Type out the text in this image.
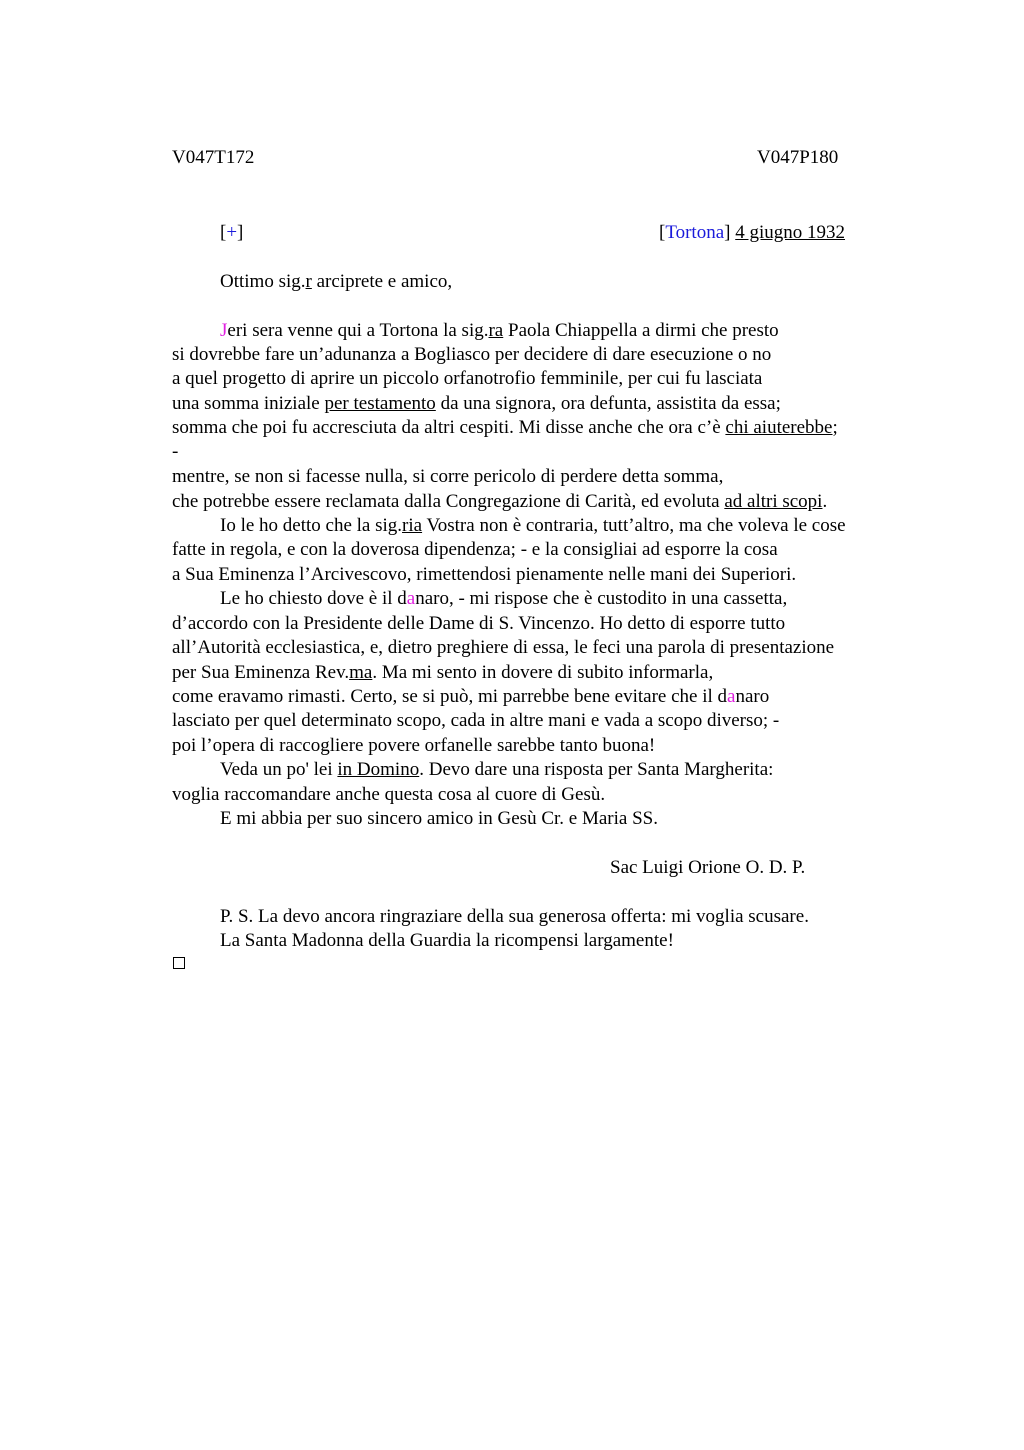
V047T172	V047P180
[+]	[Tortona] 4 giugno 1932
Ottimo sig.r arciprete e amico,
Jeri sera venne qui a Tortona la sig.ra Paola Chiappella a dirmi che presto
si dovrebbe fare un’adunanza a Bogliasco per decidere di dare esecuzione o no
a quel progetto di aprire un piccolo orfanotrofio femminile, per cui fu lasciata
una somma iniziale per testamento da una signora, ora defunta, assistita da essa;
somma che poi fu accresciuta da altri cespiti. Mi disse anche che ora c’è chi aiuterebbe;
-
mentre, se non si facesse nulla, si corre pericolo di perdere detta somma,
che potrebbe essere reclamata dalla Congregazione di Carità, ed evoluta ad altri scopi.
Io le ho detto che la sig.ria Vostra non è contraria, tutt’altro, ma che voleva le cose
fatte in regola, e con la doverosa dipendenza; - e la consigliai ad esporre la cosa
a Sua Eminenza l’Arcivescovo, rimettendosi pienamente nelle mani dei Superiori.
Le ho chiesto dove è il danaro, - mi rispose che è custodito in una cassetta,
d’accordo con la Presidente delle Dame di S. Vincenzo. Ho detto di esporre tutto
all’Autorità ecclesiastica, e, dietro preghiere di essa, le feci una parola di presentazione
per Sua Eminenza Rev.ma. Ma mi sento in dovere di subito informarla,
come eravamo rimasti. Certo, se si può, mi parrebbe bene evitare che il danaro
lasciato per quel determinato scopo, cada in altre mani e vada a scopo diverso; -
poi l’opera di raccogliere povere orfanelle sarebbe tanto buona!
Veda un po' lei in Domino. Devo dare una risposta per Santa Margherita:
voglia raccomandare anche questa cosa al cuore di Gesù.
E mi abbia per suo sincero amico in Gesù Cr. e Maria SS.
Sac Luigi Orione O. D. P.
P. S. La devo ancora ringraziare della sua generosa offerta: mi voglia scusare.
La Santa Madonna della Guardia la ricompensi largamente!
